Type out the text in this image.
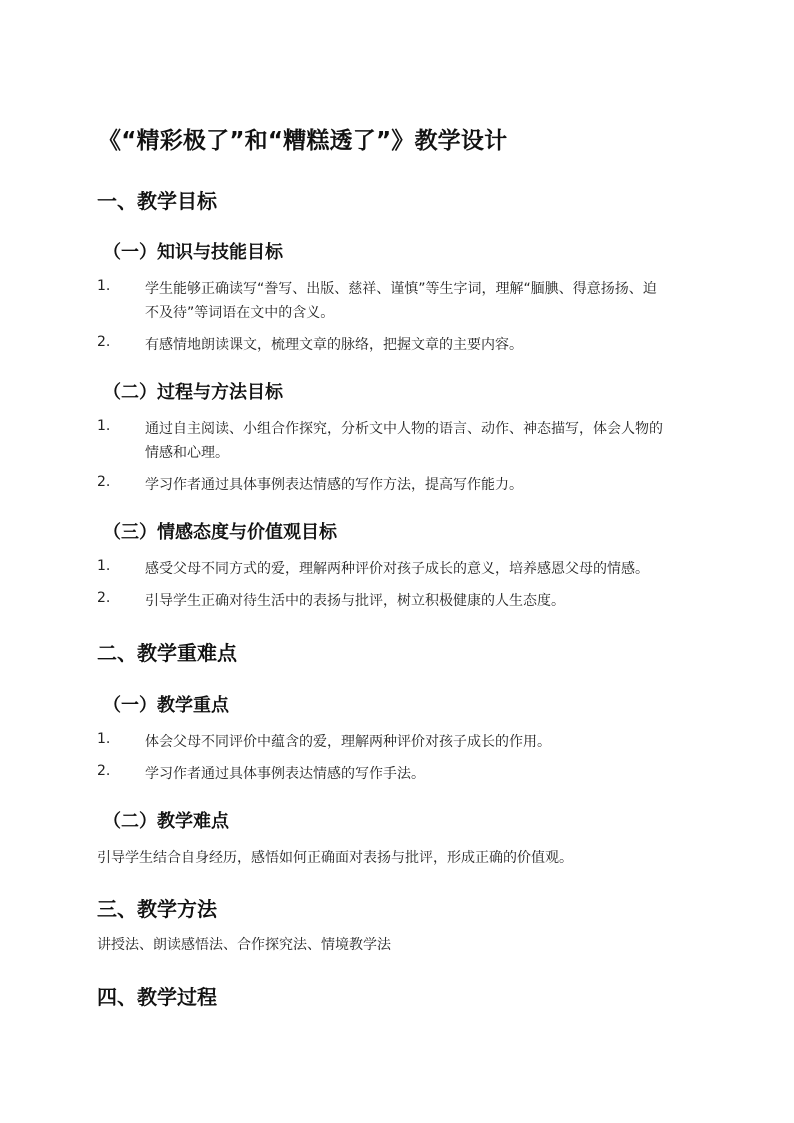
《“精彩极了”和“糟糕透了”》教学设计
一、教学目标
（一）知识与技能目标
1. 学生能够正确读写“誊写、出版、慈祥、谨慎”等生字词，理解“腼腆、得意扬扬、迫
不及待”等词语在文中的含义。
2. 有感情地朗读课文，梳理文章的脉络，把握文章的主要内容。
（二）过程与方法目标
1. 通过自主阅读、小组合作探究，分析文中人物的语言、动作、神态描写，体会人物的
情感和心理。
2. 学习作者通过具体事例表达情感的写作方法，提高写作能力。
（三）情感态度与价值观目标
1. 感受父母不同方式的爱，理解两种评价对孩子成长的意义，培养感恩父母的情感。
2. 引导学生正确对待生活中的表扬与批评，树立积极健康的人生态度。
二、教学重难点
（一）教学重点
1. 体会父母不同评价中蕴含的爱，理解两种评价对孩子成长的作用。
2. 学习作者通过具体事例表达情感的写作手法。
（二）教学难点
引导学生结合自身经历，感悟如何正确面对表扬与批评，形成正确的价值观。
三、教学方法
讲授法、朗读感悟法、合作探究法、情境教学法
四、教学过程
